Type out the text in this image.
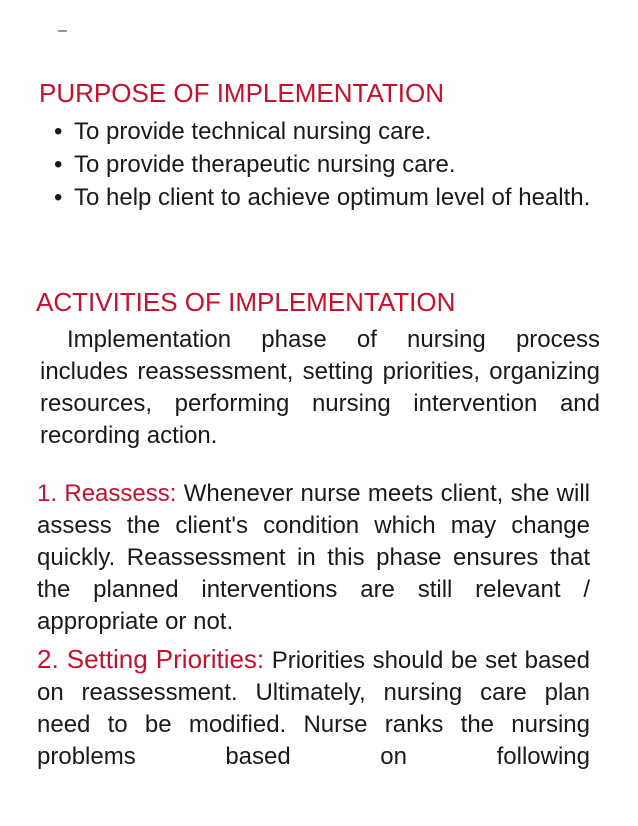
–
PURPOSE OF IMPLEMENTATION
• To provide technical nursing care.
• To provide therapeutic nursing care.
• To help client to achieve optimum level of health.
ACTIVITIES OF IMPLEMENTATION

Implementation phase of nursing process includes reassessment, setting priorities, organizing resources, performing nursing intervention and recording action.

1. Reassess: Whenever nurse meets client, she will assess the client's condition which may change quickly. Reassessment in this phase ensures that the planned interventions are still relevant / appropriate or not.

2. Setting Priorities: Priorities should be set based on reassessment. Ultimately, nursing care plan need to be modified. Nurse ranks the nursing problems based on following
